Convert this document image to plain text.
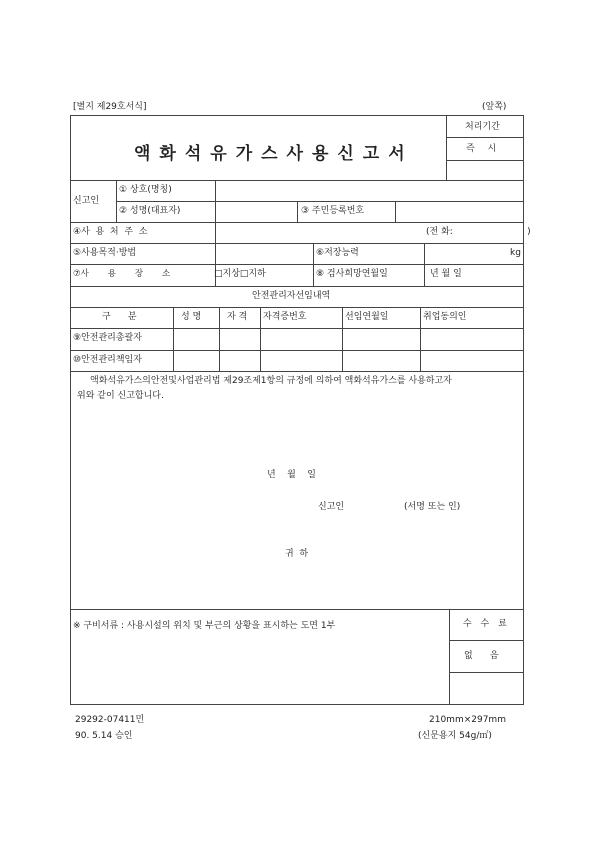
[별지 제29호서식]	(앞쪽)
액화석유가스사용신고서
처리기간
즉 시
신고인
① 상호(명칭)
② 성명(대표자)	③ 주민등록번호
④사  용  처  주  소	(전 화:                          )
⑤사용목적·방법	⑥저장능력	kg
⑦사       용       장       소	□지상□지하	⑧ 검사희망연월일	년 월 일
안전관리자선임내역
구      분	성 명	자 격 자격증번호	선임연월일	취업동의인
⑨안전관리총괄자
⑩안전관리책임자
액화석유가스의안전및사업관리법 제29조제1항의 규정에 의하여 액화석유가스를 사용하고자
위와 같이 신고합니다.
년    월    일
신고인	(서명 또는 인)
귀  하
※ 구비서류 : 사용시설의 위치 및 부근의 상황을 표시하는 도면 1부	수 수 료
없      음
29292-07411민
90. 5.14 승인
210mm×297mm
(신문용지 54g/㎡)
